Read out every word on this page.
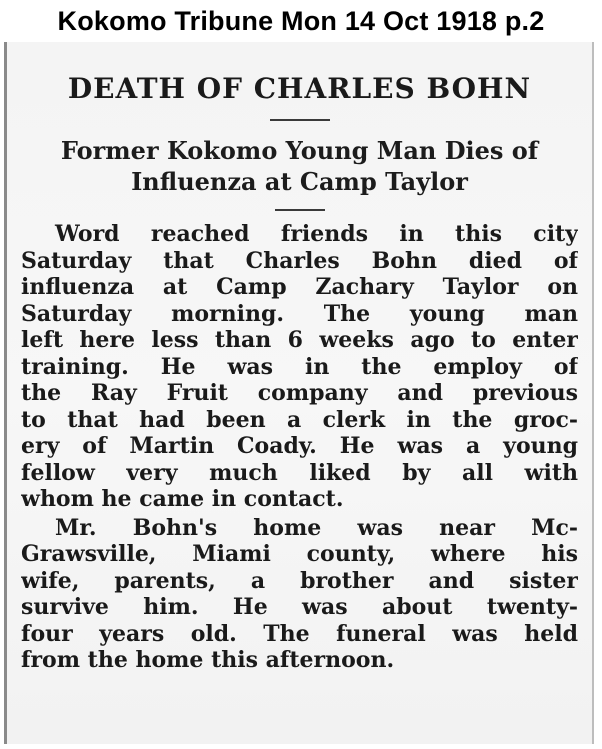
Kokomo Tribune Mon 14 Oct 1918 p.2
DEATH OF CHARLES BOHN
Former Kokomo Young Man Dies of
Influenza at Camp Taylor
Word reached friends in this city
Saturday that Charles Bohn died of
influenza at Camp Zachary Taylor on
Saturday morning. The young man
left here less than 6 weeks ago to enter
training. He was in the employ of
the Ray Fruit company and previous
to that had been a clerk in the groc-
ery of Martin Coady. He was a young
fellow very much liked by all with
whom he came in contact.
Mr. Bohn's home was near Mc-
Grawsville, Miami county, where his
wife, parents, a brother and sister
survive him. He was about twenty-
four years old. The funeral was held
from the home this afternoon.
